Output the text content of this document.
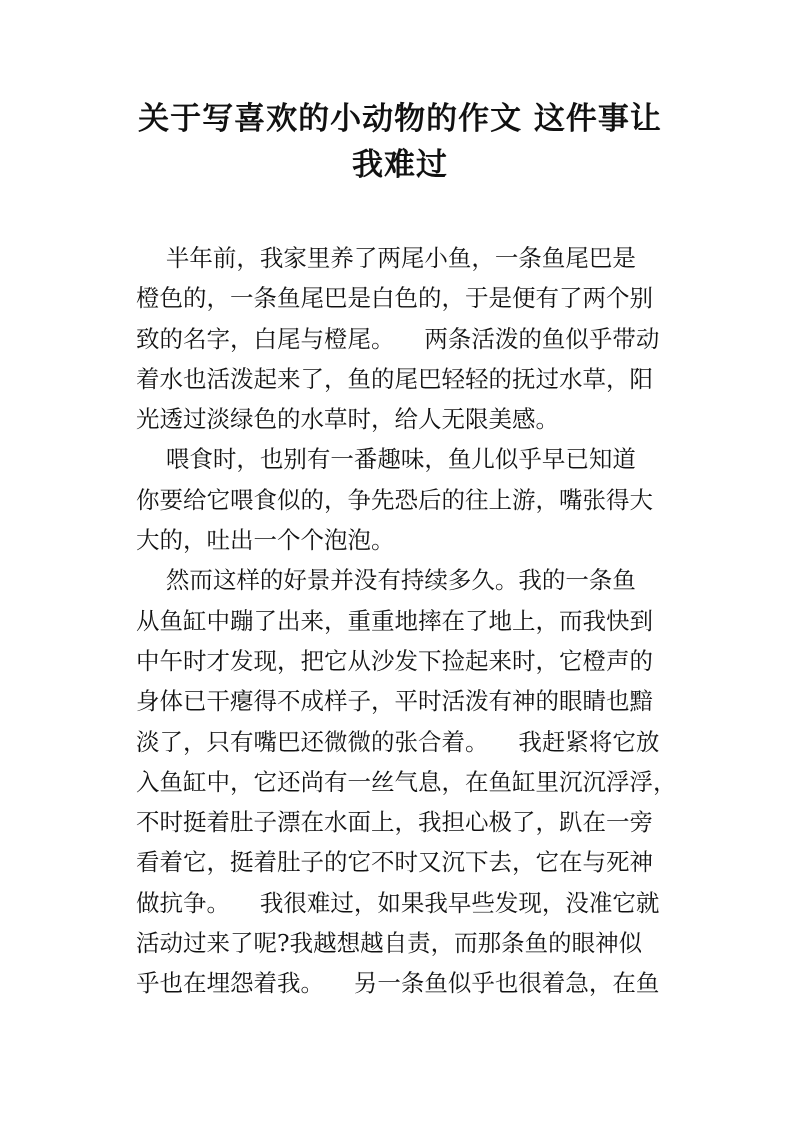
关于写喜欢的小动物的作文 这件事让
我难过
半年前，我家里养了两尾小鱼，一条鱼尾巴是
橙色的，一条鱼尾巴是白色的，于是便有了两个别
致的名字，白尾与橙尾。    两条活泼的鱼似乎带动
着水也活泼起来了，鱼的尾巴轻轻的抚过水草，阳
光透过淡绿色的水草时，给人无限美感。
喂食时，也别有一番趣味，鱼儿似乎早已知道
你要给它喂食似的，争先恐后的往上游，嘴张得大
大的，吐出一个个泡泡。
然而这样的好景并没有持续多久。我的一条鱼
从鱼缸中蹦了出来，重重地摔在了地上，而我快到
中午时才发现，把它从沙发下捡起来时，它橙声的
身体已干瘪得不成样子，平时活泼有神的眼睛也黯
淡了，只有嘴巴还微微的张合着。    我赶紧将它放
入鱼缸中，它还尚有一丝气息，在鱼缸里沉沉浮浮，
不时挺着肚子漂在水面上，我担心极了，趴在一旁
看着它，挺着肚子的它不时又沉下去，它在与死神
做抗争。    我很难过，如果我早些发现，没准它就
活动过来了呢?我越想越自责，而那条鱼的眼神似
乎也在埋怨着我。    另一条鱼似乎也很着急，在鱼
